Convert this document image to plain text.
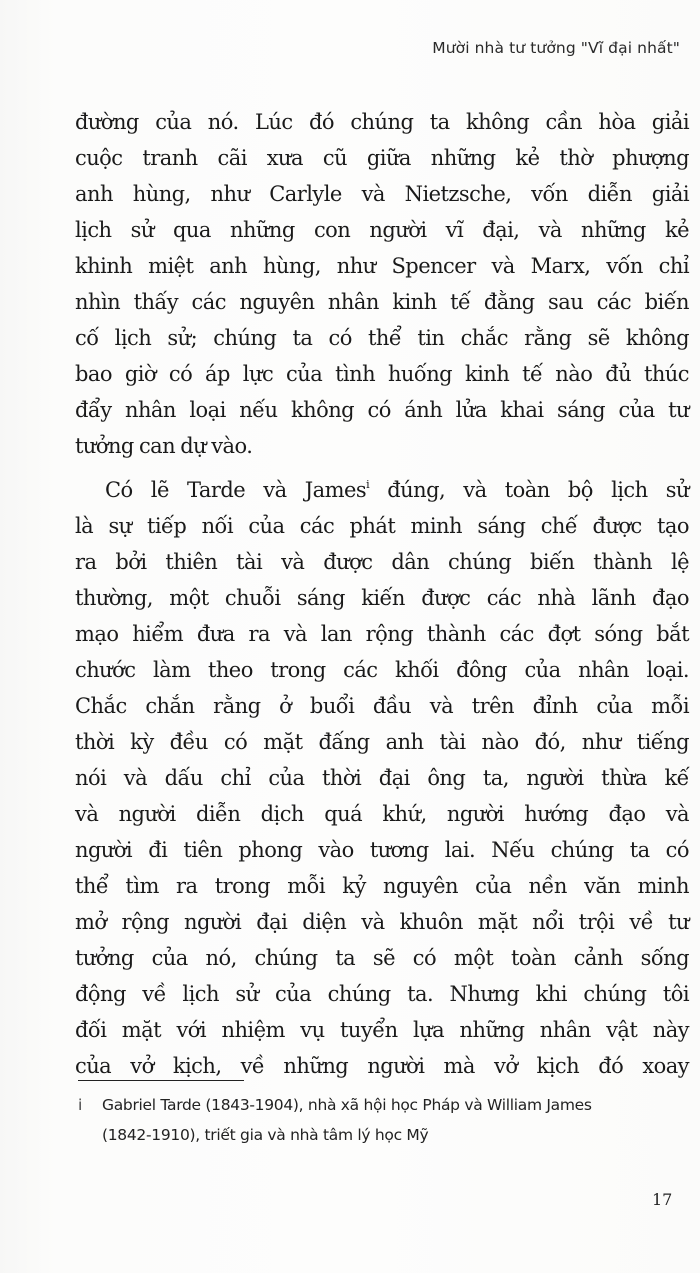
Mười nhà tư tưởng "Vĩ đại nhất"
đường của nó. Lúc đó chúng ta không cần hòa giải
cuộc tranh cãi xưa cũ giữa những kẻ thờ phượng
anh hùng, như Carlyle và Nietzsche, vốn diễn giải
lịch sử qua những con người vĩ đại, và những kẻ
khinh miệt anh hùng, như Spencer và Marx, vốn chỉ
nhìn thấy các nguyên nhân kinh tế đằng sau các biến
cố lịch sử; chúng ta có thể tin chắc rằng sẽ không
bao giờ có áp lực của tình huống kinh tế nào đủ thúc
đẩy nhân loại nếu không có ánh lửa khai sáng của tư
tưởng can dự vào.
Có lẽ Tarde và James$^i$ đúng, và toàn bộ lịch sử
là sự tiếp nối của các phát minh sáng chế được tạo
ra bởi thiên tài và được dân chúng biến thành lệ
thường, một chuỗi sáng kiến được các nhà lãnh đạo
mạo hiểm đưa ra và lan rộng thành các đợt sóng bắt
chước làm theo trong các khối đông của nhân loại.
Chắc chắn rằng ở buổi đầu và trên đỉnh của mỗi
thời kỳ đều có mặt đấng anh tài nào đó, như tiếng
nói và dấu chỉ của thời đại ông ta, người thừa kế
và người diễn dịch quá khứ, người hướng đạo và
người đi tiên phong vào tương lai. Nếu chúng ta có
thể tìm ra trong mỗi kỷ nguyên của nền văn minh
mở rộng người đại diện và khuôn mặt nổi trội về tư
tưởng của nó, chúng ta sẽ có một toàn cảnh sống
động về lịch sử của chúng ta. Nhưng khi chúng tôi
đối mặt với nhiệm vụ tuyển lựa những nhân vật này
của vở kịch, về những người mà vở kịch đó xoay
i Gabriel Tarde (1843-1904), nhà xã hội học Pháp và William James
(1842-1910), triết gia và nhà tâm lý học Mỹ
17
